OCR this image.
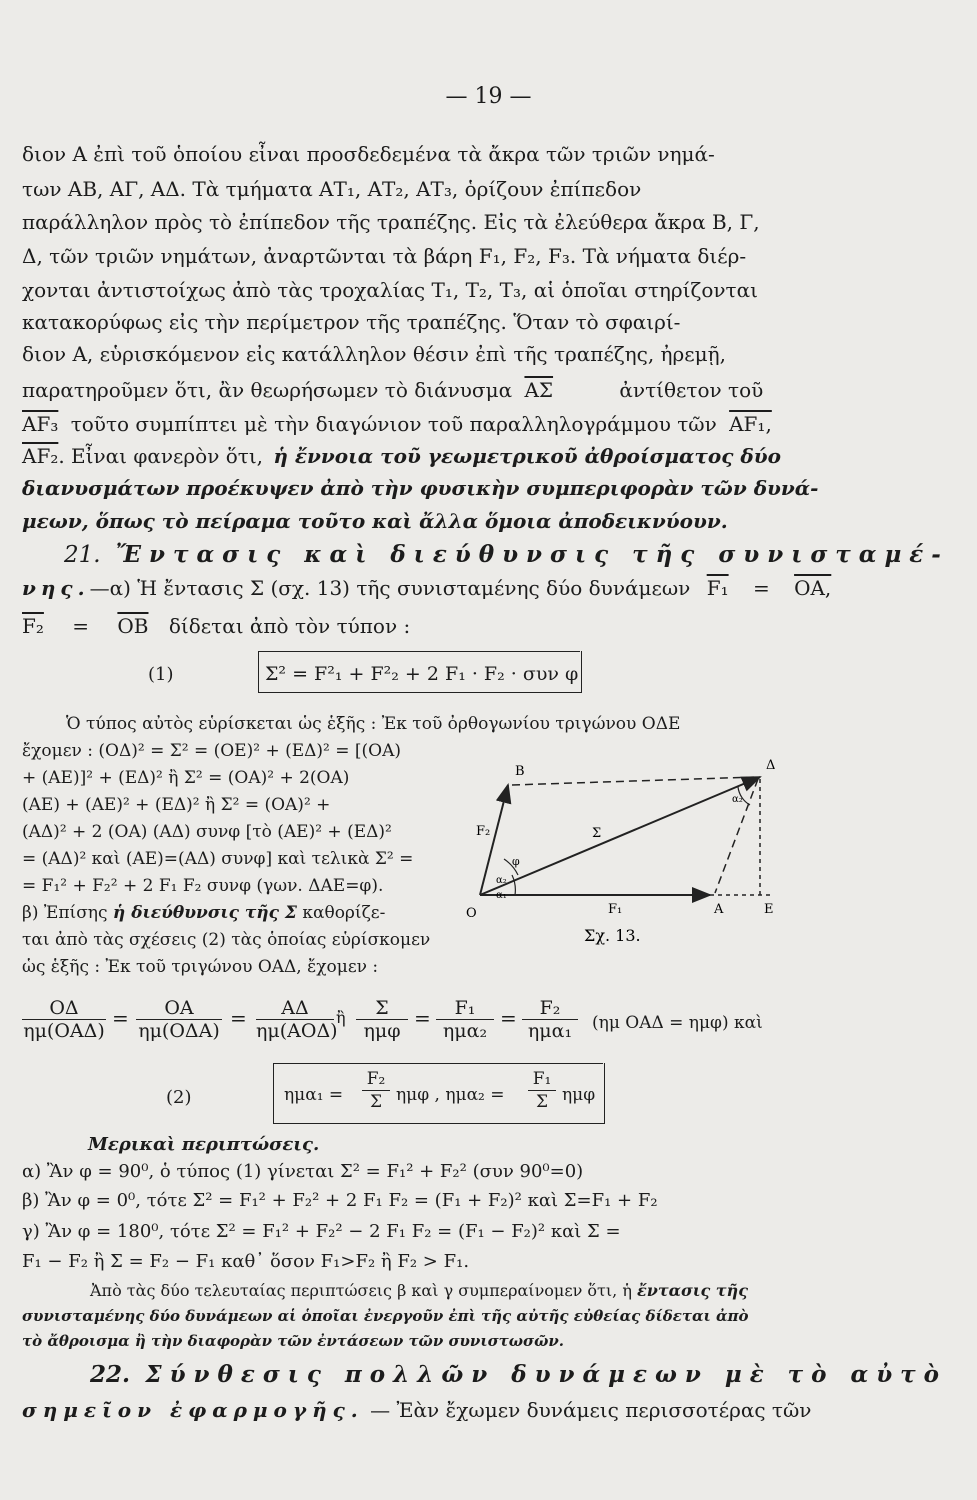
— 19 —
διον Α ἐπὶ τοῦ ὁποίου εἶναι προσδεδεμένα τὰ ἄκρα τῶν τριῶν νημά-
των ΑΒ, ΑΓ, ΑΔ. Τὰ τμήματα ΑΤ₁, ΑΤ₂, ΑΤ₃, ὁρίζουν ἐπίπεδον
παράλληλον πρὸς τὸ ἐπίπεδον τῆς τραπέζης. Εἰς τὰ ἐλεύθερα ἄκρα Β, Γ,
Δ, τῶν τριῶν νημάτων, ἀναρτῶνται τὰ βάρη F₁, F₂, F₃. Τὰ νήματα διέρ-
χονται ἀντιστοίχως ἀπὸ τὰς τροχαλίας Τ₁, Τ₂, Τ₃, αἱ ὁποῖαι στηρίζονται
κατακορύφως εἰς τὴν περίμετρον τῆς τραπέζης. Ὅταν τὸ σφαιρί-
διον Α, εὑρισκόμενον εἰς κατάλληλον θέσιν ἐπὶ τῆς τραπέζης, ἠρεμῇ,
παρατηροῦμεν ὅτι, ἂν θεωρήσωμεν τὸ διάνυσμα $\overline{A\Sigma}$	ἀντίθετον τοῦ
ΑF₃ τοῦτο συμπίπτει μὲ τὴν διαγώνιον τοῦ παραλληλογράμμου τῶν ΑF₁,
ΑF₂. Εἶναι φανερὸν ὅτι, ἡ ἔννοια τοῦ γεωμετρικοῦ ἀθροίσματος δύο
διανυσμάτων προέκυψεν ἀπὸ τὴν φυσικὴν συμπεριφορὰν τῶν δυνά-
μεων, ὅπως τὸ πείραμα τοῦτο καὶ ἄλλα ὅμοια ἀποδεικνύουν.
21. Ἔντασις καὶ διεύθυνσις τῆς συνισταμέ-
νης.—α) Ἡ ἔντασις Σ (σχ. 13) τῆς συνισταμένης δύο δυνάμεων F₁ = ΟΑ,
$F_2 = \overline{OB}$ δίδεται ἀπὸ τὸν τύπον :
(1)	Σ² = F²₁ + F²₂ + 2 F₁ · F₂ · συν φ
Ὁ τύπος αὐτὸς εὑρίσκεται ὡς ἑξῆς : Ἐκ τοῦ ὀρθογωνίου τριγώνου ΟΔΕ
ἔχομεν : (ΟΔ)² = Σ² = (ΟΕ)² + (ΕΔ)² = [(ΟΑ)
+ (ΑΕ)]² + (ΕΔ)² ἢ Σ² = (ΟΑ)² + 2(ΟΑ)
(ΑΕ) + (ΑΕ)² + (ΕΔ)² ἢ Σ² = (ΟΑ)² +
(ΑΔ)² + 2 (ΟΑ) (ΑΔ) συνφ [τὸ (ΑΕ)² + (ΕΔ)²
= (ΑΔ)² καὶ (ΑΕ)=(ΑΔ) συνφ] καὶ τελικὰ Σ² =
= F₁² + F₂² + 2 F₁ F₂ συνφ (γων. ΔΑΕ=φ).
β) Ἐπίσης ἡ διεύθυνσις τῆς Σ καθορίζε-
ται ἀπὸ τὰς σχέσεις (2) τὰς ὁποίας εὑρίσκομεν
ὡς ἑξῆς : Ἐκ τοῦ τριγώνου ΟΑΔ, ἔχομεν :
Β	Δ
F₂	Σ
φ
α₂
α₁
α₂
Ο	F₁	Α	Ε
Σχ. 13.
ΟΔ
ημ(ΟΑΔ)
=	ΟΑ
ημ(ΟΔΑ)
=	ΑΔ
ημ(ΑΟΔ)
ἢ	Σ
ημφ
=	F₁
ημα₂
=	F₂
ημα₁	(ημ ΟΑΔ = ημφ) καὶ
(2)	$\eta\mu\alpha_1 = \frac{\text{F₂}}{\Sigma}$ ημφ , $\eta\mu\alpha_2 = \frac{\text{F₁}}{\Sigma}$ ημφ
Μερικαὶ περιπτώσεις.
α) Ἂν φ = 90⁰, ὁ τύπος (1) γίνεται Σ² = F₁² + F₂² (συν 90⁰=0)
β) Ἂν φ = 0⁰, τότε Σ² = F₁² + F₂² + 2 F₁ F₂ = (F₁ + F₂)² καὶ Σ=F₁ + F₂
γ) Ἂν φ = 180⁰, τότε Σ² = F₁² + F₂² − 2 F₁ F₂ = (F₁ − F₂)² καὶ Σ =
F₁ − F₂ ἢ Σ = F₂ − F₁ καθ᾽ ὅσον F₁>F₂ ἢ F₂ > F₁.
Ἀπὸ τὰς δύο τελευταίας περιπτώσεις β καὶ γ συμπεραίνομεν ὅτι, ἡ ἔντασις τῆς
συνισταμένης δύο δυνάμεων αἱ ὁποῖαι ἐνεργοῦν ἐπὶ τῆς αὐτῆς εὐθείας δίδεται ἀπὸ
τὸ ἄθροισμα ἢ τὴν διαφορὰν τῶν ἐντάσεων τῶν συνιστωσῶν.
22. Σύνθεσις πολλῶν δυνάμεων μὲ τὸ αὐτὸ
σημεῖον ἐφαρμογῆς. — Ἐὰν ἔχωμεν δυνάμεις περισσοτέρας τῶν
